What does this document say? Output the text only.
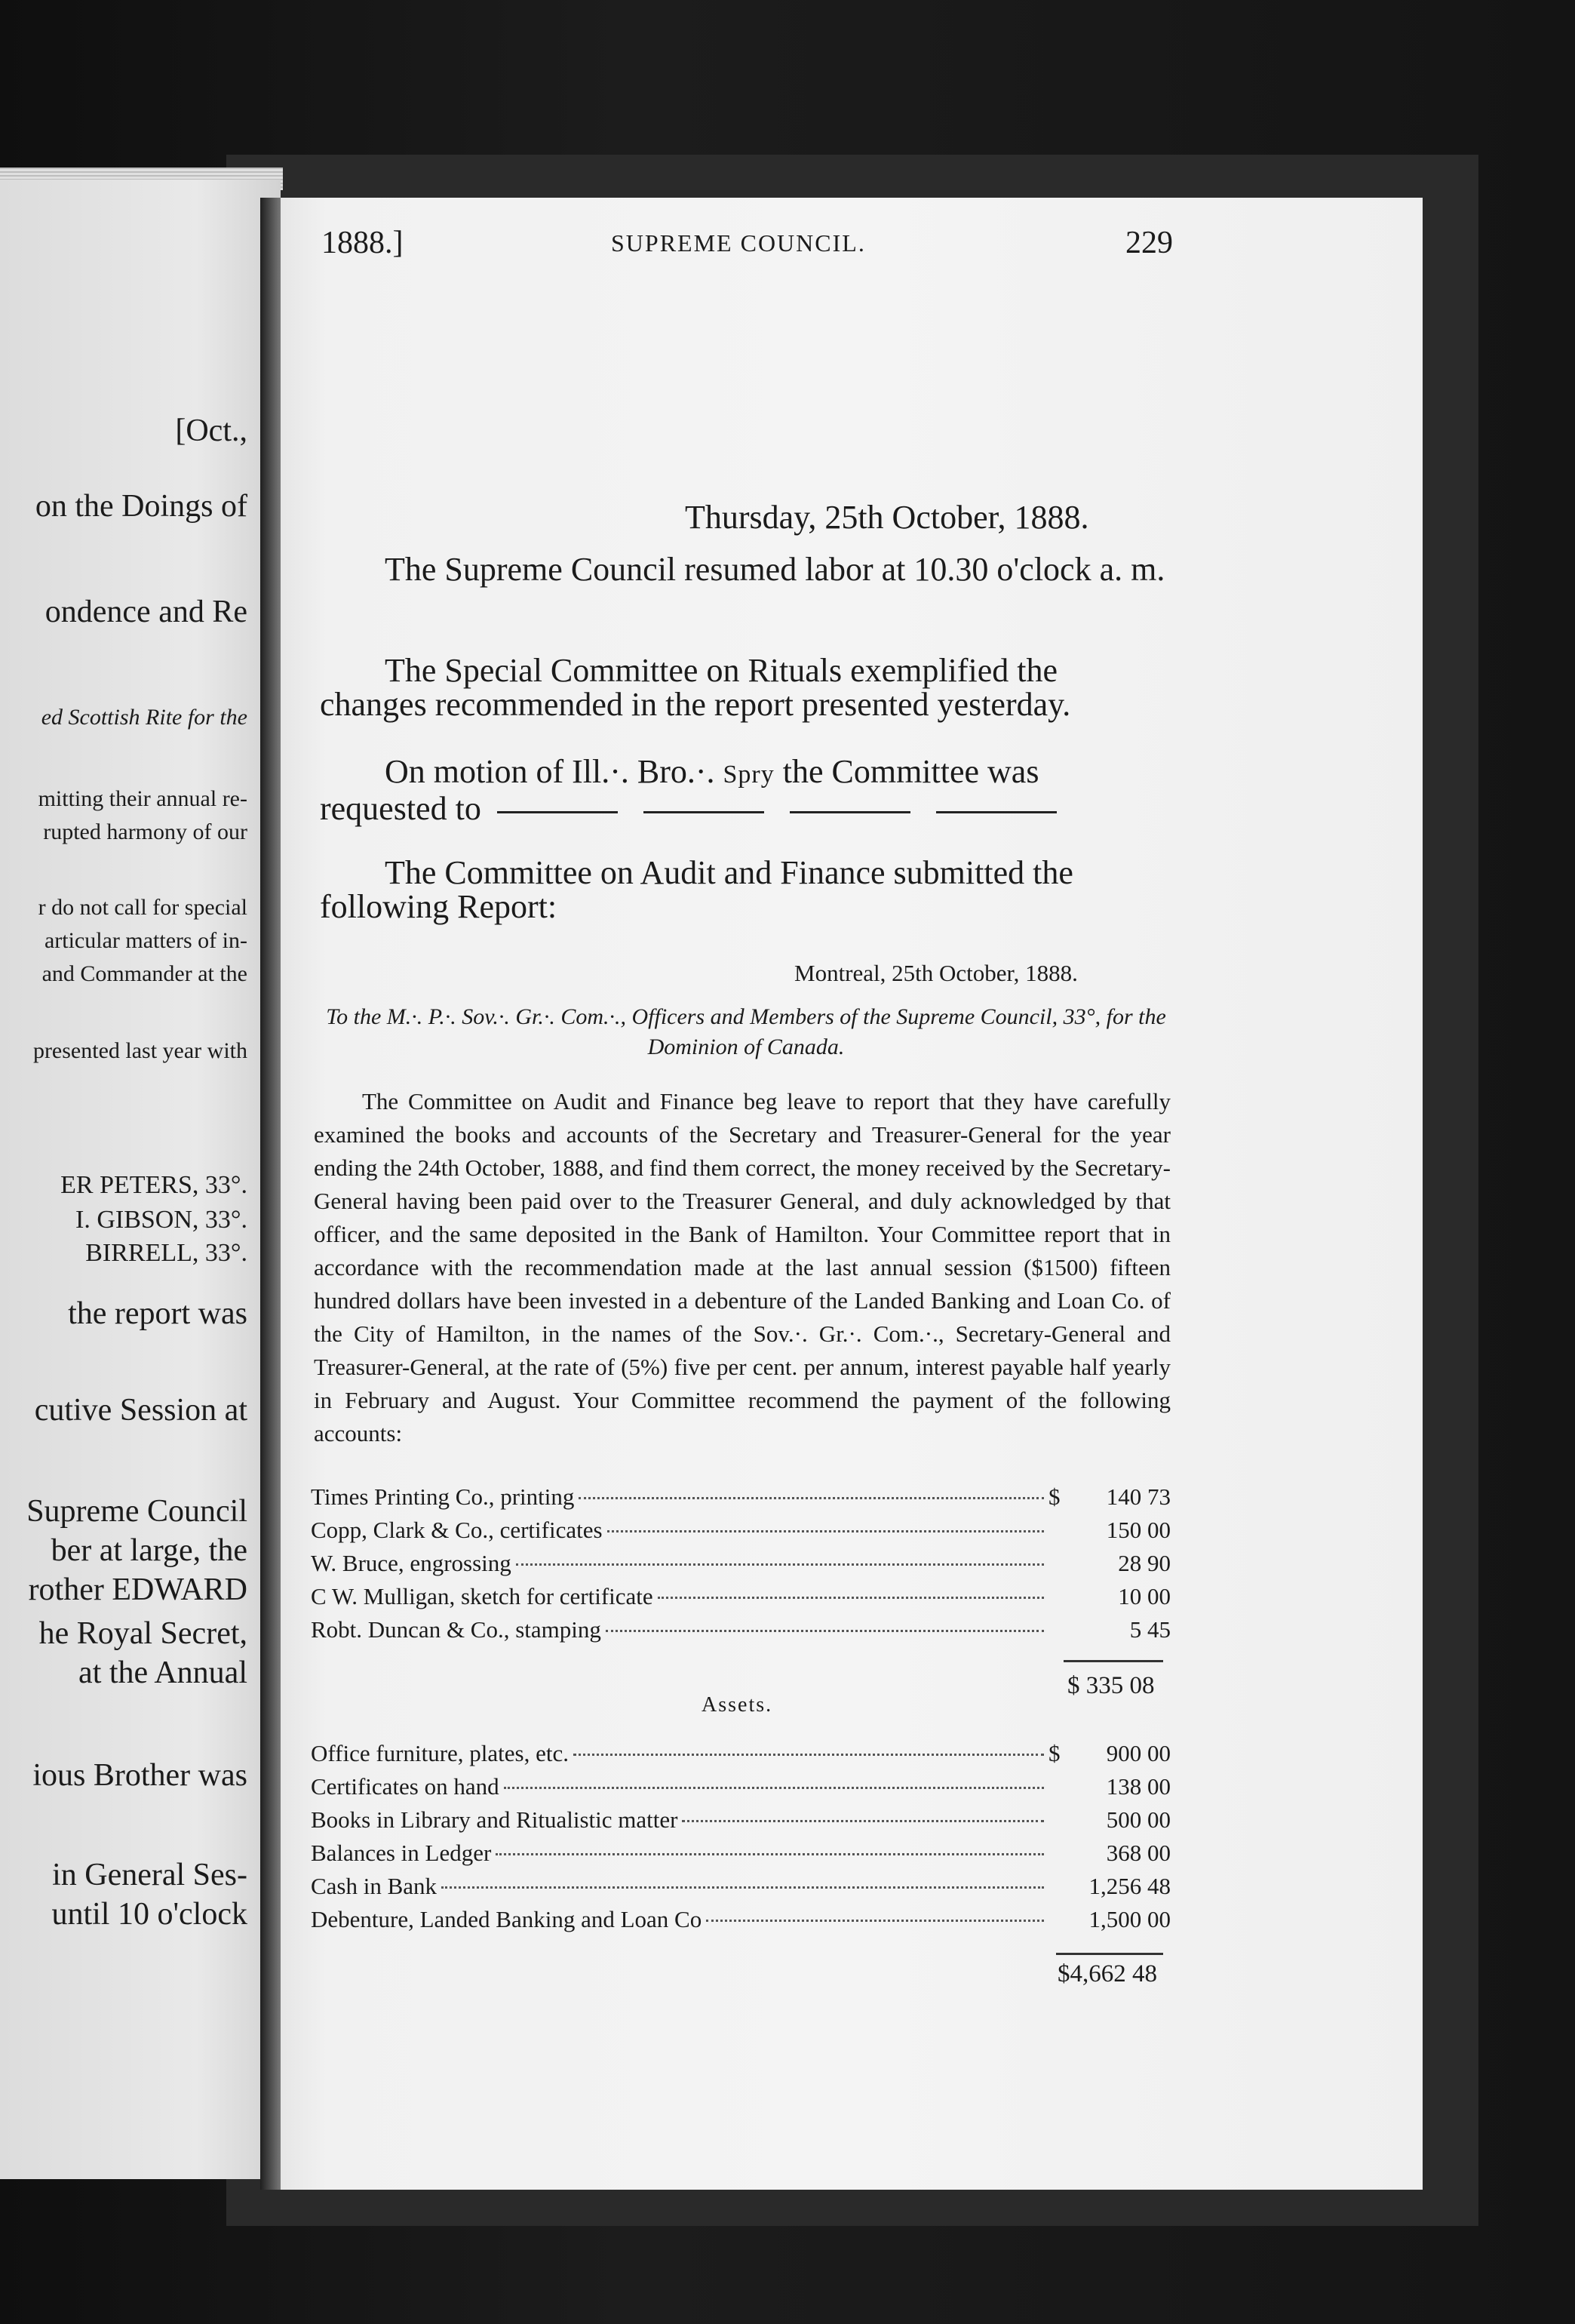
[Oct.,
on the Doings of
ondence and Re
ed Scottish Rite for the
mitting their annual re-
rupted harmony of our
r do not call for special
articular matters of in-
and Commander at the
presented last year with
ER PETERS, 33°.
I. GIBSON, 33°.
BIRRELL, 33°.
the report was
cutive Session at
Supreme Council
ber at large, the
rother EDWARD
he Royal Secret,
at the Annual
ious Brother was
in General Ses-
until 10 o'clock
1888.]	SUPREME COUNCIL.	229
Thursday, 25th October, 1888.
The Supreme Council resumed labor at 10.30 o'clock a. m.
The Special Committee on Rituals exemplified the changes recommended in the report presented yesterday.
On motion of Ill.·. Bro.·. Spry the Committee was requested to
The Committee on Audit and Finance submitted the following Report:
Montreal, 25th October, 1888.
To the M.·. P.·. Sov.·. Gr.·. Com.·., Officers and Members of the Supreme Council, 33°, for the Dominion of Canada.
The Committee on Audit and Finance beg leave to report that they have carefully examined the books and accounts of the Secretary and Treasurer-General for the year ending the 24th October, 1888, and find them correct, the money received by the Secretary-General having been paid over to the Treasurer General, and duly acknowledged by that officer, and the same deposited in the Bank of Hamilton. Your Committee report that in accordance with the recommendation made at the last annual session ($1500) fifteen hundred dollars have been invested in a debenture of the Landed Banking and Loan Co. of the City of Hamilton, in the names of the Sov.·. Gr.·. Com.·., Secretary-General and Treasurer-General, at the rate of (5%) five per cent. per annum, interest payable half yearly in February and August. Your Committee recommend the payment of the following accounts:
Times Printing Co., printing	$	140 73
Copp, Clark & Co., certificates	150 00
W. Bruce, engrossing	28 90
C W. Mulligan, sketch for certificate	10 00
Robt. Duncan & Co., stamping	5 45
$ 335 08
Assets.
Office furniture, plates, etc.	$	900 00
Certificates on hand	138 00
Books in Library and Ritualistic matter	500 00
Balances in Ledger	368 00
Cash in Bank	1,256 48
Debenture, Landed Banking and Loan Co	1,500 00
$4,662 48
